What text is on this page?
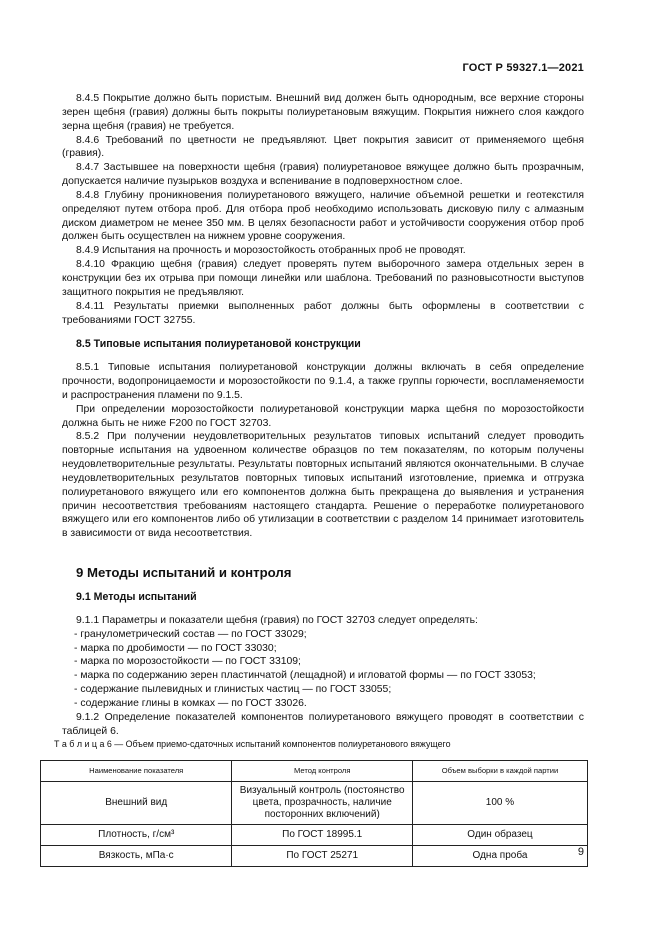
ГОСТ Р 59327.1—2021

8.4.5 Покрытие должно быть пористым. Внешний вид должен быть однородным, все верхние стороны зерен щебня (гравия) должны быть покрыты полиуретановым вяжущим. Покрытия нижнего слоя каждого зерна щебня (гравия) не требуется.

8.4.6 Требований по цветности не предъявляют. Цвет покрытия зависит от применяемого щебня (гравия).

8.4.7 Застывшее на поверхности щебня (гравия) полиуретановое вяжущее должно быть прозрачным, допускается наличие пузырьков воздуха и вспенивание в подповерхностном слое.

8.4.8 Глубину проникновения полиуретанового вяжущего, наличие объемной решетки и геотекстиля определяют путем отбора проб. Для отбора проб необходимо использовать дисковую пилу с алмазным диском диаметром не менее 350 мм. В целях безопасности работ и устойчивости сооружения отбор проб должен быть осуществлен на нижнем уровне сооружения.

8.4.9 Испытания на прочность и морозостойкость отобранных проб не проводят.

8.4.10 Фракцию щебня (гравия) следует проверять путем выборочного замера отдельных зерен в конструкции без их отрыва при помощи линейки или шаблона. Требований по разновысотности выступов защитного покрытия не предъявляют.

8.4.11 Результаты приемки выполненных работ должны быть оформлены в соответствии с требованиями ГОСТ 32755.

8.5 Типовые испытания полиуретановой конструкции

8.5.1 Типовые испытания полиуретановой конструкции должны включать в себя определение прочности, водопроницаемости и морозостойкости по 9.1.4, а также группы горючести, воспламеняемости и распространения пламени по 9.1.5.

При определении морозостойкости полиуретановой конструкции марка щебня по морозостойкости должна быть не ниже F200 по ГОСТ 32703.

8.5.2 При получении неудовлетворительных результатов типовых испытаний следует проводить повторные испытания на удвоенном количестве образцов по тем показателям, по которым получены неудовлетворительные результаты. Результаты повторных испытаний являются окончательными. В случае неудовлетворительных результатов повторных типовых испытаний изготовление, приемка и отгрузка полиуретанового вяжущего или его компонентов должна быть прекращена до выявления и устранения причин несоответствия требованиям настоящего стандарта. Решение о переработке полиуретанового вяжущего или его компонентов либо об утилизации в соответствии с разделом 14 принимает изготовитель в зависимости от вида несоответствия.

9 Методы испытаний и контроля
9.1 Методы испытаний

9.1.1 Параметры и показатели щебня (гравия) по ГОСТ 32703 следует определять:

- гранулометрический состав — по ГОСТ 33029;

- марка по дробимости — по ГОСТ 33030;

- марка по морозостойкости — по ГОСТ 33109;

- марка по содержанию зерен пластинчатой (лещадной) и игловатой формы — по ГОСТ 33053;

- содержание пылевидных и глинистых частиц — по ГОСТ 33055;

- содержание глины в комках — по ГОСТ 33026.

9.1.2 Определение показателей компонентов полиуретанового вяжущего проводят в соответствии с таблицей 6.

Т а б л и ц а 6 — Объем приемо-сдаточных испытаний компонентов полиуретанового вяжущего

Наименование показателя	Метод контроля	Объем выборки в каждой партии
Внешний вид	Визуальный контроль (постоянство цвета, прозрачность, наличие посторонних включений)	100 %
Плотность, г/см³	По ГОСТ 18995.1	Один образец
Вязкость, мПа·с	По ГОСТ 25271	Одна проба	9
